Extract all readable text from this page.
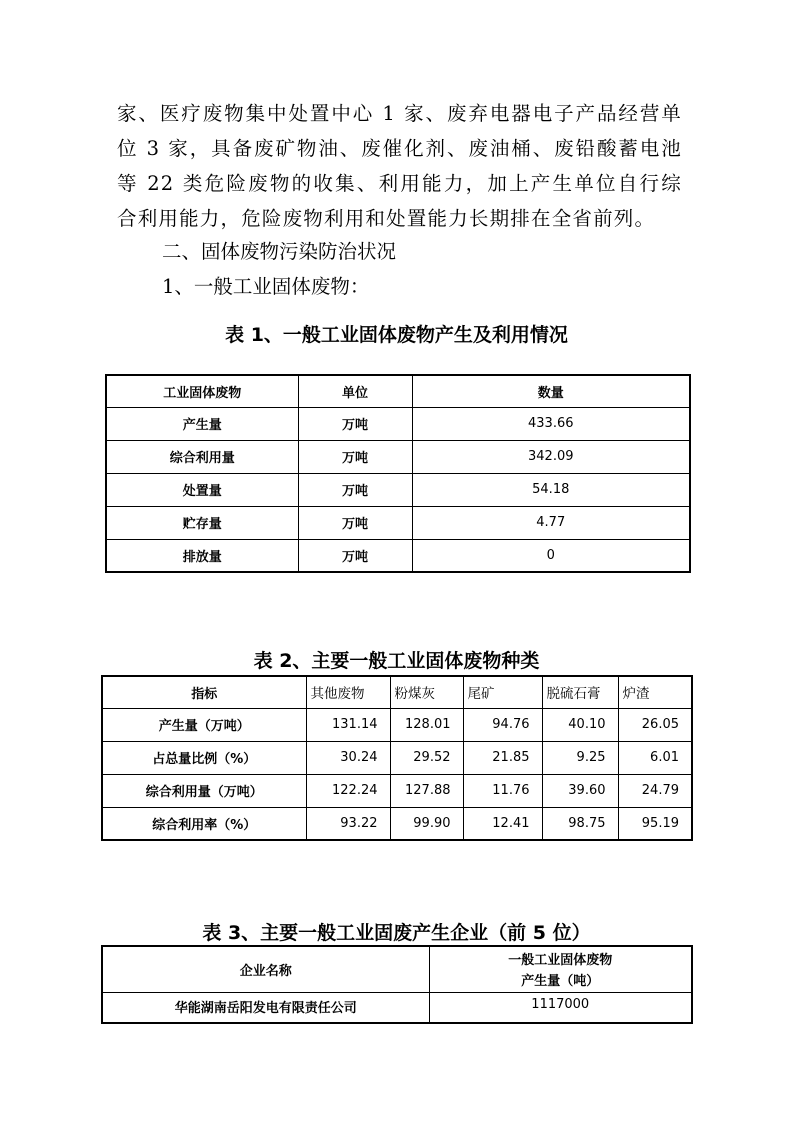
家、医疗废物集中处置中心 1 家、废弃电器电子产品经营单

位 3 家，具备废矿物油、废催化剂、废油桶、废铅酸蓄电池

等 22 类危险废物的收集、利用能力，加上产生单位自行综

合利用能力，危险废物利用和处置能力长期排在全省前列。

二、固体废物污染防治状况

1、一般工业固体废物：

表 1、一般工业固体废物产生及利用情况

工业固体废物	单位	数量
产生量	万吨	433.66
综合利用量	万吨	342.09
处置量	万吨	54.18
贮存量	万吨	4.77
排放量	万吨	0

表 2、主要一般工业固体废物种类

指标	其他废物	粉煤灰	尾矿	脱硫石膏	炉渣
产生量（万吨）	131.14	128.01	94.76	40.10	26.05
占总量比例（%）	30.24	29.52	21.85	9.25	6.01
综合利用量（万吨）	122.24	127.88	11.76	39.60	24.79
综合利用率（%）	93.22	99.90	12.41	98.75	95.19

表 3、主要一般工业固废产生企业（前 5 位）

企业名称	一般工业固体废物
产生量（吨）

华能湖南岳阳发电有限责任公司	1117000
